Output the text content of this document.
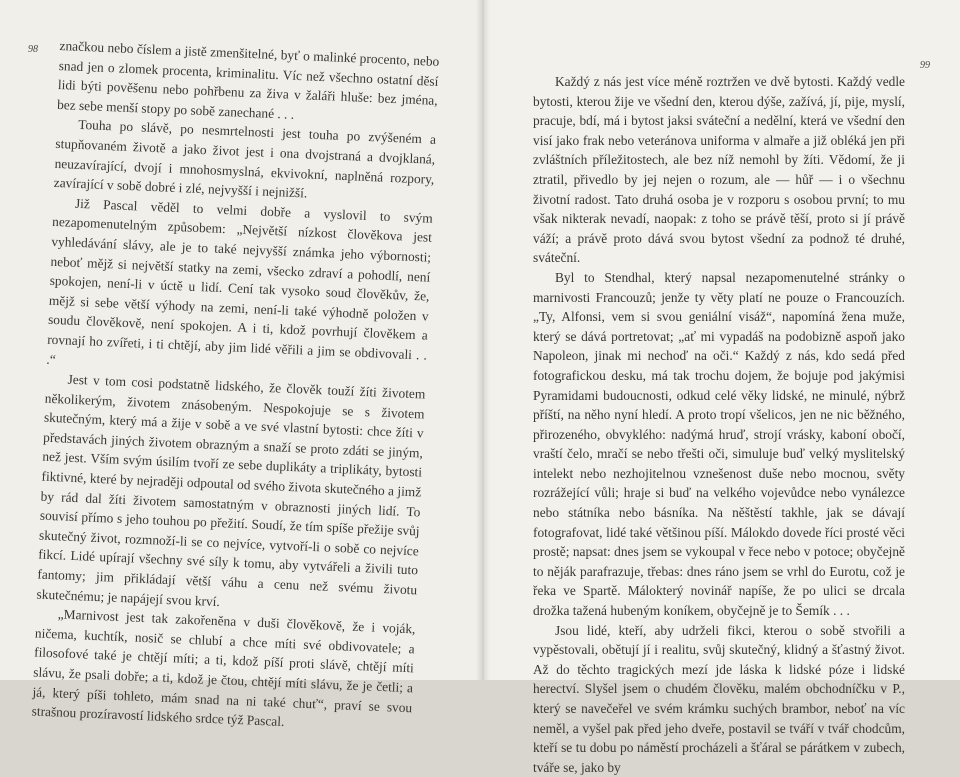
98 značkou nebo číslem a jistě zmenšitelné, byť o malinké procento, nebo snad jen o zlomek procenta, kriminalitu. Víc než všechno ostatní děsí lidi býti pověšenu nebo pohřbenu za živa v žaláři hluše: bez jména, bez sebe menší stopy po sobě zanechané . . .

Touha po slávě, po nesmrtelnosti jest touha po zvýšeném a stupňovaném životě a jako život jest i ona dvojstraná a dvojklaná, neuzavírající, dvojí i mnohosmyslná, ekvivokní, naplněná rozpory, zavírající v sobě dobré i zlé, nejvyšší i nejnižší.

Již Pascal věděl to velmi dobře a vyslovil to svým nezapomenutelným způsobem: „Největší nízkost člověkova jest vyhledávání slávy, ale je to také nejvyšší známka jeho výbornosti; neboť mějž si největší statky na zemi, všecko zdraví a pohodlí, není spokojen, není-li v úctě u lidí. Cení tak vysoko soud člověkův, že, mějž si sebe větší výhody na zemi, není-li také výhodně položen v soudu člověkově, není spokojen. A i ti, kdož povrhují člověkem a rovnají ho zvířeti, i ti chtějí, aby jim lidé věřili a jim se obdivovali . . .“

Jest v tom cosi podstatně lidského, že člověk touží žíti životem několikerým, životem znásobeným. Nespokojuje se s životem skutečným, který má a žije v sobě a ve své vlastní bytosti: chce žíti v představách jiných životem obrazným a snaží se proto zdáti se jiným, než jest. Vším svým úsilím tvoří ze sebe duplikáty a triplikáty, bytosti fiktivné, které by nejraději odpoutal od svého života skutečného a jimž by rád dal žíti životem samostatným v obraznosti jiných lidí. To souvisí přímo s jeho touhou po přežití. Soudí, že tím spíše přežije svůj skutečný život, rozmnoží-li se co nejvíce, vytvoří-li o sobě co nejvíce fikcí. Lidé upírají všechny své síly k tomu, aby vytvářeli a živili tuto fantomy; jim přikládají větší váhu a cenu než svému životu skutečnému; je napájejí svou krví.

„Marnivost jest tak zakořeněna v duši člověkově, že i voják, ničema, kuchtík, nosič se chlubí a chce míti své obdivovatele; a filosofové také je chtějí míti; a ti, kdož píší proti slávě, chtějí míti slávu, že psali dobře; a ti, kdož je čtou, chtějí míti slávu, že je četli; a já, který píši tohleto, mám snad na ni také chuť“, praví se svou strašnou prozíravostí lidského srdce týž Pascal.

99

Každý z nás jest více méně roztržen ve dvě bytosti. Každý vedle bytosti, kterou žije ve všední den, kterou dýše, zažívá, jí, pije, myslí, pracuje, bdí, má i bytost jaksi sváteční a nedělní, která ve všední den visí jako frak nebo veteránova uniforma v almaře a již obléká jen při zvláštních příležitostech, ale bez níž nemohl by žíti. Vědomí, že ji ztratil, přivedlo by jej nejen o rozum, ale — hůř — i o všechnu životní radost. Tato druhá osoba je v rozporu s osobou první; to mu však nikterak nevadí, naopak: z toho se právě těší, proto si jí právě váží; a právě proto dává svou bytost všední za podnož té druhé, sváteční.

Byl to Stendhal, který napsal nezapomenutelné stránky o marnivosti Francouzů; jenže ty věty platí ne pouze o Francouzích. „Ty, Alfonsi, vem si svou geniální visáž“, napomíná žena muže, který se dává portretovat; „ať mi vypadáš na podobizně aspoň jako Napoleon, jinak mi nechoď na oči.“ Každý z nás, kdo sedá před fotografickou desku, má tak trochu dojem, že bojuje pod jakýmisi Pyramidami budoucnosti, odkud celé věky lidské, ne minulé, nýbrž příští, na něho nyní hledí. A proto tropí všelicos, jen ne nic běžného, přirozeného, obvyklého: nadýmá hruď, strojí vrásky, kaboní obočí, vraští čelo, mračí se nebo třešti oči, simuluje buď velký myslitelský intelekt nebo nezhojitelnou vznešenost duše nebo mocnou, světy rozrážející vůli; hraje si buď na velkého vojevůdce nebo vynálezce nebo státníka nebo básníka. Na něštěstí takhle, jak se dávají fotografovat, lidé také většinou píší. Málokdo dovede říci prosté věci prostě; napsat: dnes jsem se vykoupal v řece nebo v potoce; obyčejně to něják parafrazuje, třebas: dnes ráno jsem se vrhl do Eurotu, což je řeka ve Spartě. Málokterý novinář napíše, že po ulici se drcala drožka tažená hubeným koníkem, obyčejně je to Šemík . . .

Jsou lidé, kteří, aby udrželi fikci, kterou o sobě stvořili a vypěstovali, obětují jí i realitu, svůj skutečný, klidný a šťastný život. Až do těchto tragických mezí jde láska k lidské póze i lidské herectví. Slyšel jsem o chudém člověku, malém obchodníčku v P., který se navečeřel ve svém krámku suchých brambor, neboť na víc neměl, a vyšel pak před jeho dveře, postavil se tváří v tvář chodcům, kteří se tu dobu po náměstí procházeli a šťáral se párátkem v zubech, tváře se, jako by
